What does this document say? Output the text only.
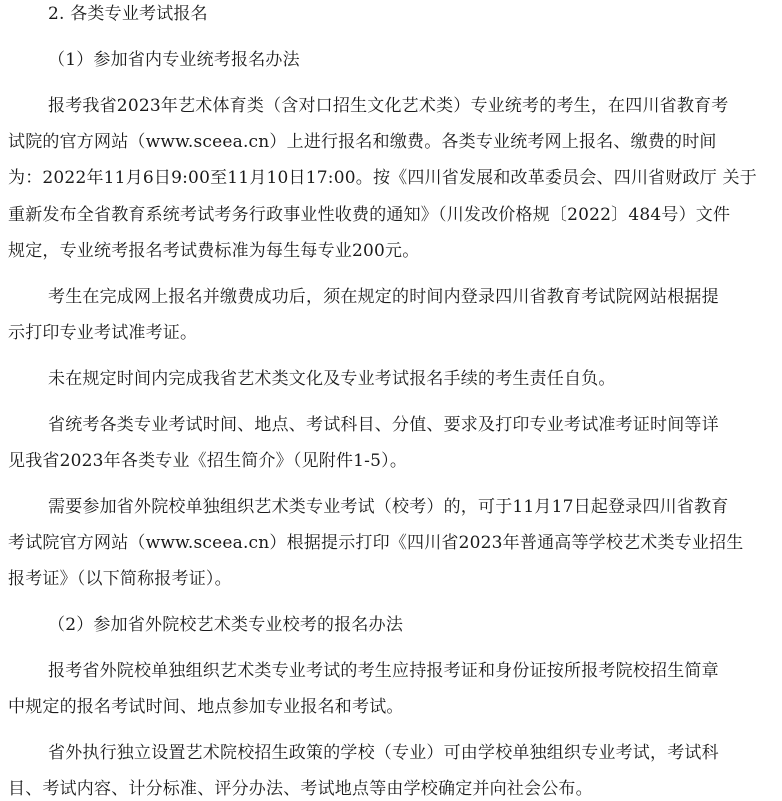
2. 各类专业考试报名
（1）参加省内专业统考报名办法
报考我省2023年艺术体育类（含对口招生文化艺术类）专业统考的考生，在四川省教育考
试院的官方网站（www.sceea.cn）上进行报名和缴费。各类专业统考网上报名、缴费的时间
为：2022年11月6日9:00至11月10日17:00。按《四川省发展和改革委员会、四川省财政厅 关于
重新发布全省教育系统考试考务行政事业性收费的通知》（川发改价格规〔2022〕484号）文件
规定，专业统考报名考试费标准为每生每专业200元。
考生在完成网上报名并缴费成功后，须在规定的时间内登录四川省教育考试院网站根据提
示打印专业考试准考证。
未在规定时间内完成我省艺术类文化及专业考试报名手续的考生责任自负。
省统考各类专业考试时间、地点、考试科目、分值、要求及打印专业考试准考证时间等详
见我省2023年各类专业《招生简介》（见附件1-5）。
需要参加省外院校单独组织艺术类专业考试（校考）的，可于11月17日起登录四川省教育
考试院官方网站（www.sceea.cn）根据提示打印《四川省2023年普通高等学校艺术类专业招生
报考证》（以下简称报考证）。
（2）参加省外院校艺术类专业校考的报名办法
报考省外院校单独组织艺术类专业考试的考生应持报考证和身份证按所报考院校招生简章
中规定的报名考试时间、地点参加专业报名和考试。
省外执行独立设置艺术院校招生政策的学校（专业）可由学校单独组织专业考试，考试科
目、考试内容、计分标准、评分办法、考试地点等由学校确定并向社会公布。
